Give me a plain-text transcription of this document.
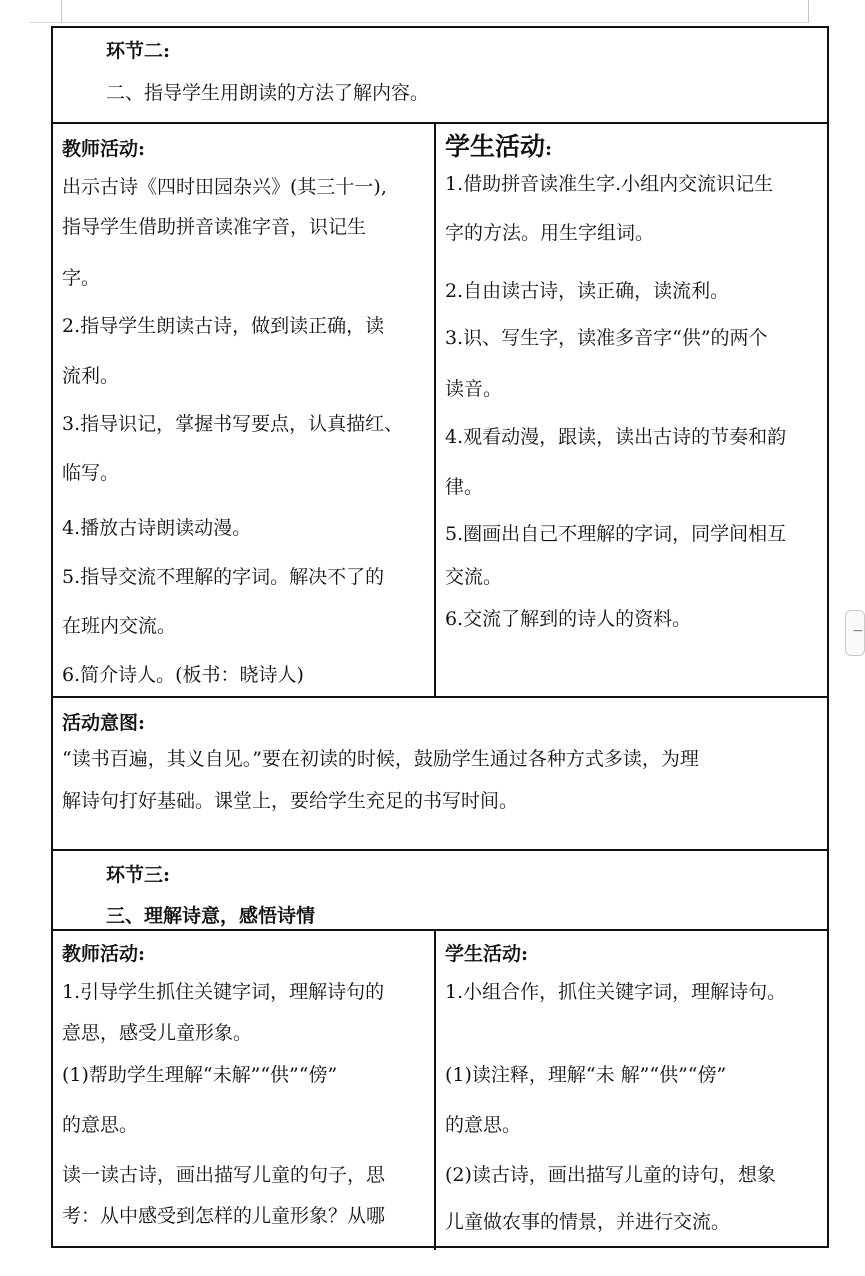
−
环节二:
二、指导学生用朗读的方法了解内容。
教师活动:
出示古诗《四时田园杂兴》(其三十一),
指导学生借助拼音读准字音，识记生
字。
2.指导学生朗读古诗，做到读正确，读
流利。
3.指导识记，掌握书写要点，认真描红、
临写。
4.播放古诗朗读动漫。
5.指导交流不理解的字词。解决不了的
在班内交流。
6.简介诗人。(板书：晓诗人)
学生活动:
1.借助拼音读准生字.小组内交流识记生
字的方法。用生字组词。
2.自由读古诗，读正确，读流利。
3.识、写生字，读准多音字“供”的两个
读音。
4.观看动漫，跟读，读出古诗的节奏和韵
律。
5.圈画出自己不理解的字词，同学间相互
交流。
6.交流了解到的诗人的资料。
活动意图:
“读书百遍，其义自见。”要在初读的时候，鼓励学生通过各种方式多读，为理
解诗句打好基础。课堂上，要给学生充足的书写时间。
环节三:
三、理解诗意，感悟诗情
教师活动:
1.引导学生抓住关键字词，理解诗句的
意思，感受儿童形象。
(1)帮助学生理解“未解”“供”“傍”
的意思。
读一读古诗，画出描写儿童的句子，思
考：从中感受到怎样的儿童形象？从哪
学生活动:
1.小组合作，抓住关键字词，理解诗句。
(1)读注释，理解“未 解”“供”“傍”
的意思。
(2)读古诗，画出描写儿童的诗句，想象
儿童做农事的情景，并进行交流。
